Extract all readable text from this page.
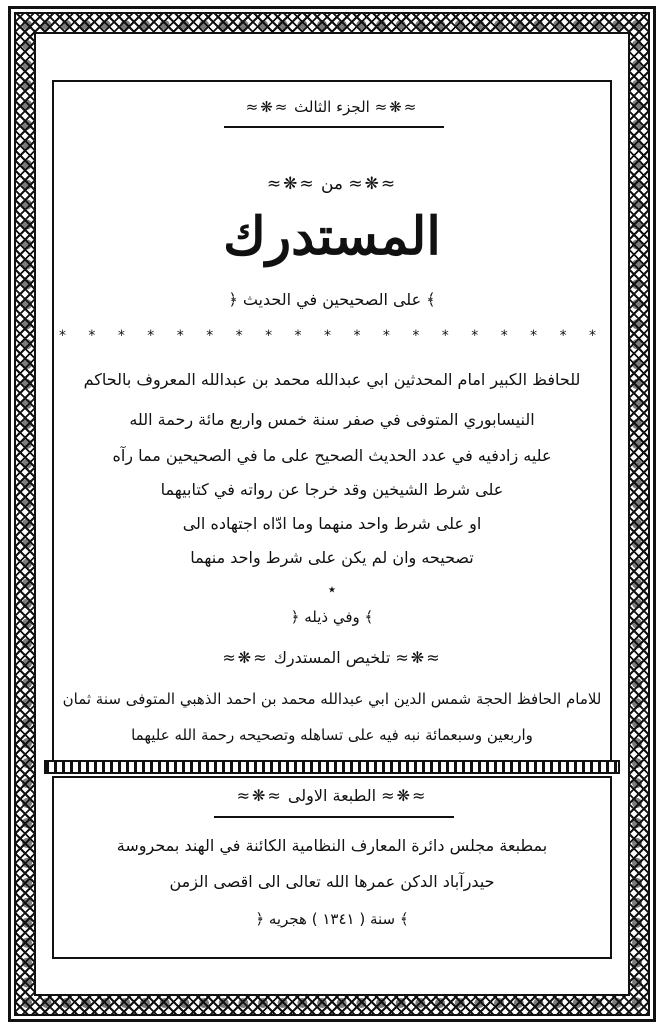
≈❋≈ الجزء الثالث ≈❋≈
≈❋≈ من ≈❋≈
المستدرك
﴾ على الصحيحين في الحديث ﴿
* * * * * * * * * * * * * * * * * * *
للحافظ الكبير امام المحدثين ابي عبدالله محمد بن عبدالله المعروف بالحاكم
النيسابوري المتوفى في صفر سنة خمس واربع مائة رحمة الله
عليه زادفيه في عدد الحديث الصحيح على ما في الصحيحين مما رآه
على شرط الشيخين وقد خرجا عن رواته في كتابيهما
او على شرط واحد منهما وما ادّاه اجتهاده الى
تصحيحه وان لم يكن على شرط واحد منهما
٭
﴾ وفي ذيله ﴿
≈❋≈ تلخيص المستدرك ≈❋≈
للامام الحافظ الحجة شمس الدين ابي عبدالله محمد بن احمد الذهبي المتوفى سنة ثمان
واربعين وسبعمائة نبه فيه على تساهله وتصحيحه رحمة الله عليهما
≈❋≈ الطبعة الاولى ≈❋≈
بمطبعة مجلس دائرة المعارف النظامية الكائنة في الهند بمحروسة
حيدرآباد الدكن عمرها الله تعالى الى اقصى الزمن
﴾ سنة ( ١٣٤١ ) هجريه ﴿
